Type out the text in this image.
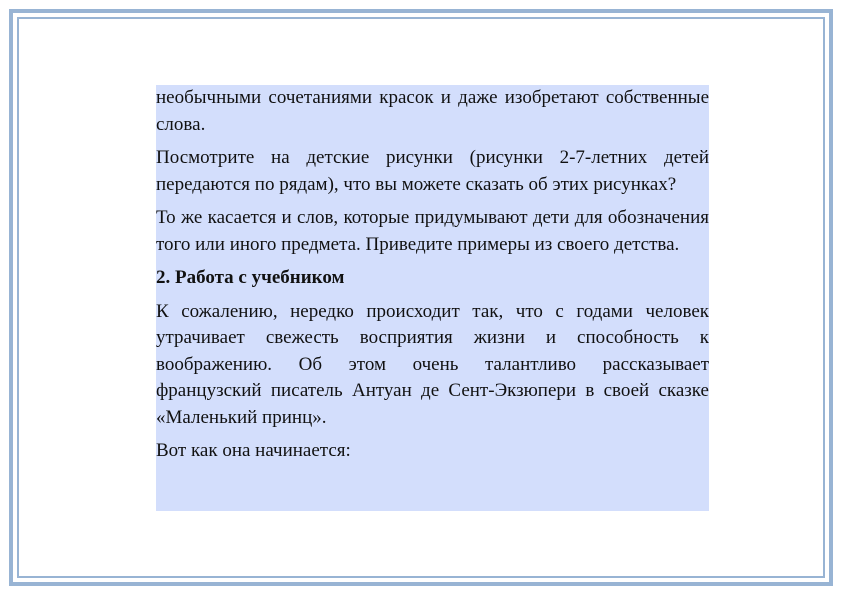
необычными сочетаниями красок и даже изобретают собственные слова.

Посмотрите на детские рисунки (рисунки 2-7-летних детей передаются по рядам), что вы можете сказать об этих рисунках?

То же касается и слов, которые придумывают дети для обозначения того или иного предмета. Приведите примеры из своего детства.

2. Работа с учебником

К сожалению, нередко происходит так, что с годами человек утрачивает свежесть восприятия жизни и способность к воображению. Об этом очень талантливо рассказывает французский писатель Антуан де Сент-Экзюпери в своей сказке «Маленький принц».

Вот как она начинается:
